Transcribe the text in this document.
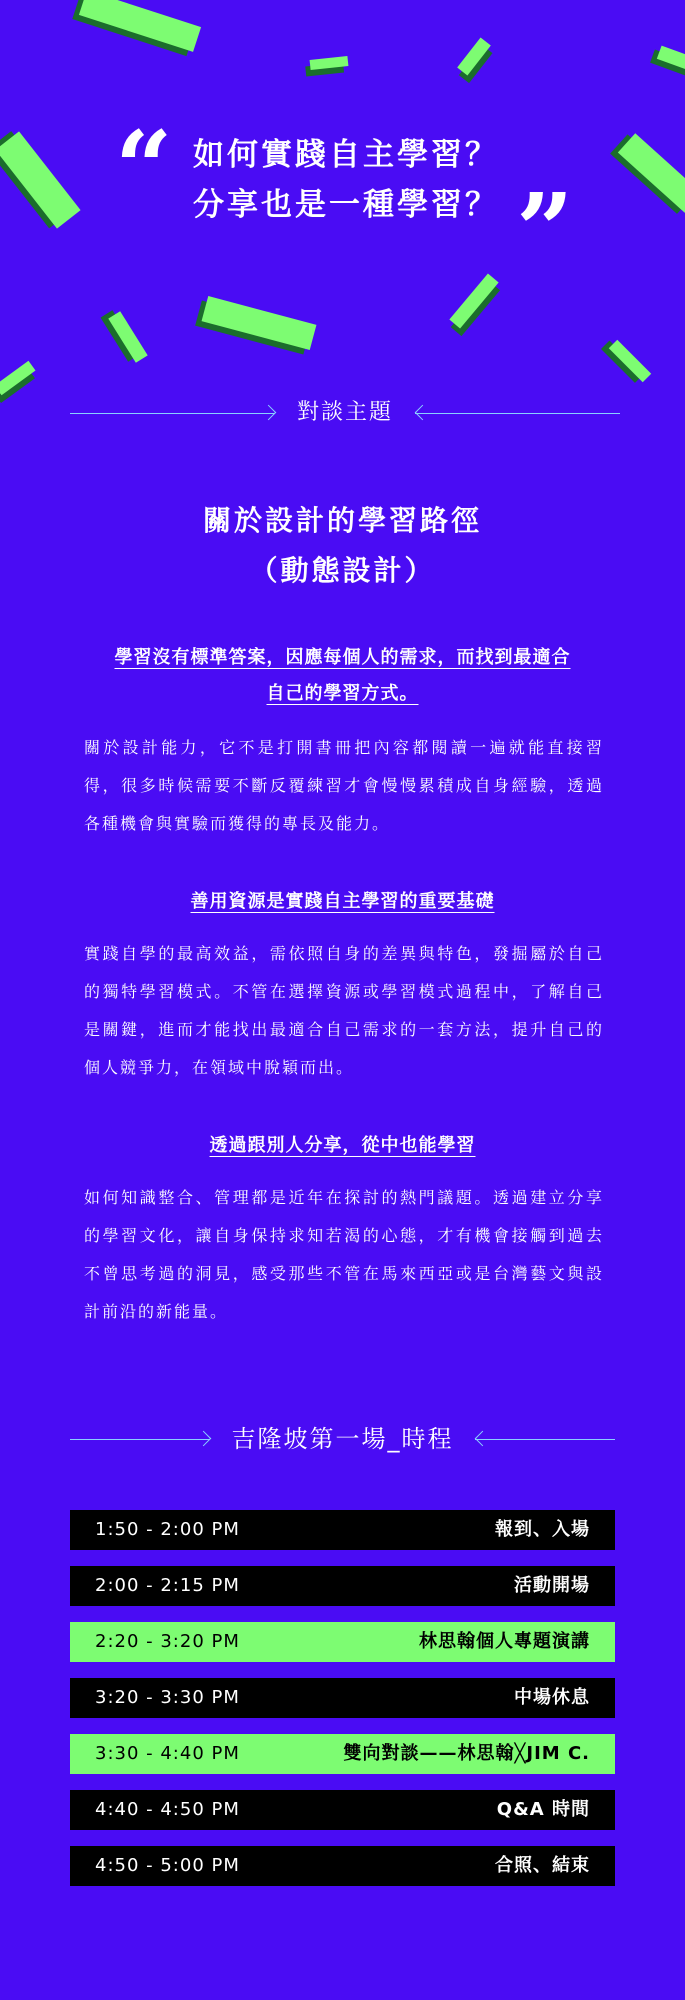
“ 如何實踐自主學習？
分享也是一種學習？ ”
對談主題
關於設計的學習路徑
（動態設計）
學習沒有標準答案，因應每個人的需求，而找到最適合
自己的學習方式。
關於設計能力，它不是打開書冊把內容都閱讀一遍就能直接習得，很多時候需要不斷反覆練習才會慢慢累積成自身經驗，透過各種機會與實驗而獲得的專長及能力。
善用資源是實踐自主學習的重要基礎
實踐自學的最高效益，需依照自身的差異與特色，發掘屬於自己的獨特學習模式。不管在選擇資源或學習模式過程中，了解自己是關鍵，進而才能找出最適合自己需求的一套方法，提升自己的個人競爭力，在領域中脫穎而出。
透過跟別人分享，從中也能學習
如何知識整合、管理都是近年在探討的熱門議題。透過建立分享的學習文化，讓自身保持求知若渴的心態，才有機會接觸到過去不曾思考過的洞見，感受那些不管在馬來西亞或是台灣藝文與設計前沿的新能量。
吉隆坡第一場_時程
1:50 - 2:00 PM	報到、入場
2:00 - 2:15 PM	活動開場
2:20 - 3:20 PM	林思翰個人專題演講
3:20 - 3:30 PM	中場休息
3:30 - 4:40 PM	雙向對談——林思翰╳JIM C.
4:40 - 4:50 PM	Q&A 時間
4:50 - 5:00 PM	合照、結束
